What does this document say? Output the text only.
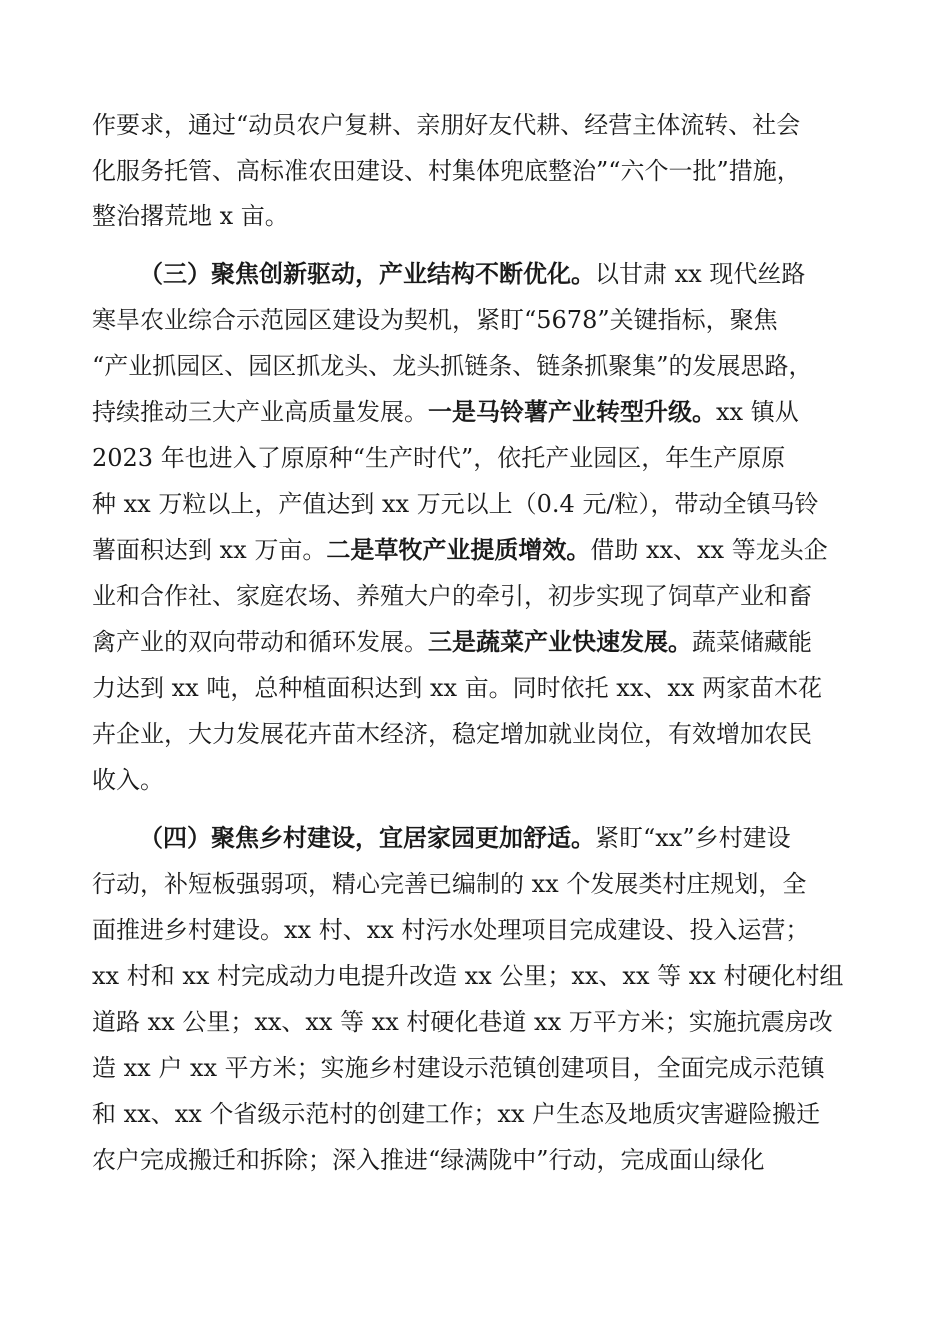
作要求，通过“动员农户复耕、亲朋好友代耕、经营主体流转、社会
化服务托管、高标准农田建设、村集体兜底整治”“六个一批”措施，
整治撂荒地 x 亩。
（三）聚焦创新驱动，产业结构不断优化。以甘肃 xx 现代丝路
寒旱农业综合示范园区建设为契机，紧盯“5678”关键指标，聚焦
“产业抓园区、园区抓龙头、龙头抓链条、链条抓聚集”的发展思路，
持续推动三大产业高质量发展。一是马铃薯产业转型升级。xx 镇从
2023 年也进入了原原种“生产时代”，依托产业园区，年生产原原
种 xx 万粒以上，产值达到 xx 万元以上（0.4 元/粒），带动全镇马铃
薯面积达到 xx 万亩。二是草牧产业提质增效。借助 xx、xx 等龙头企
业和合作社、家庭农场、养殖大户的牵引，初步实现了饲草产业和畜
禽产业的双向带动和循环发展。三是蔬菜产业快速发展。蔬菜储藏能
力达到 xx 吨，总种植面积达到 xx 亩。同时依托 xx、xx 两家苗木花
卉企业，大力发展花卉苗木经济，稳定增加就业岗位，有效增加农民
收入。
（四）聚焦乡村建设，宜居家园更加舒适。紧盯“xx”乡村建设
行动，补短板强弱项，精心完善已编制的 xx 个发展类村庄规划，全
面推进乡村建设。xx 村、xx 村污水处理项目完成建设、投入运营；
xx 村和 xx 村完成动力电提升改造 xx 公里；xx、xx 等 xx 村硬化村组
道路 xx 公里；xx、xx 等 xx 村硬化巷道 xx 万平方米；实施抗震房改
造 xx 户 xx 平方米；实施乡村建设示范镇创建项目，全面完成示范镇
和 xx、xx 个省级示范村的创建工作；xx 户生态及地质灾害避险搬迁
农户完成搬迁和拆除；深入推进“绿满陇中”行动，完成面山绿化
